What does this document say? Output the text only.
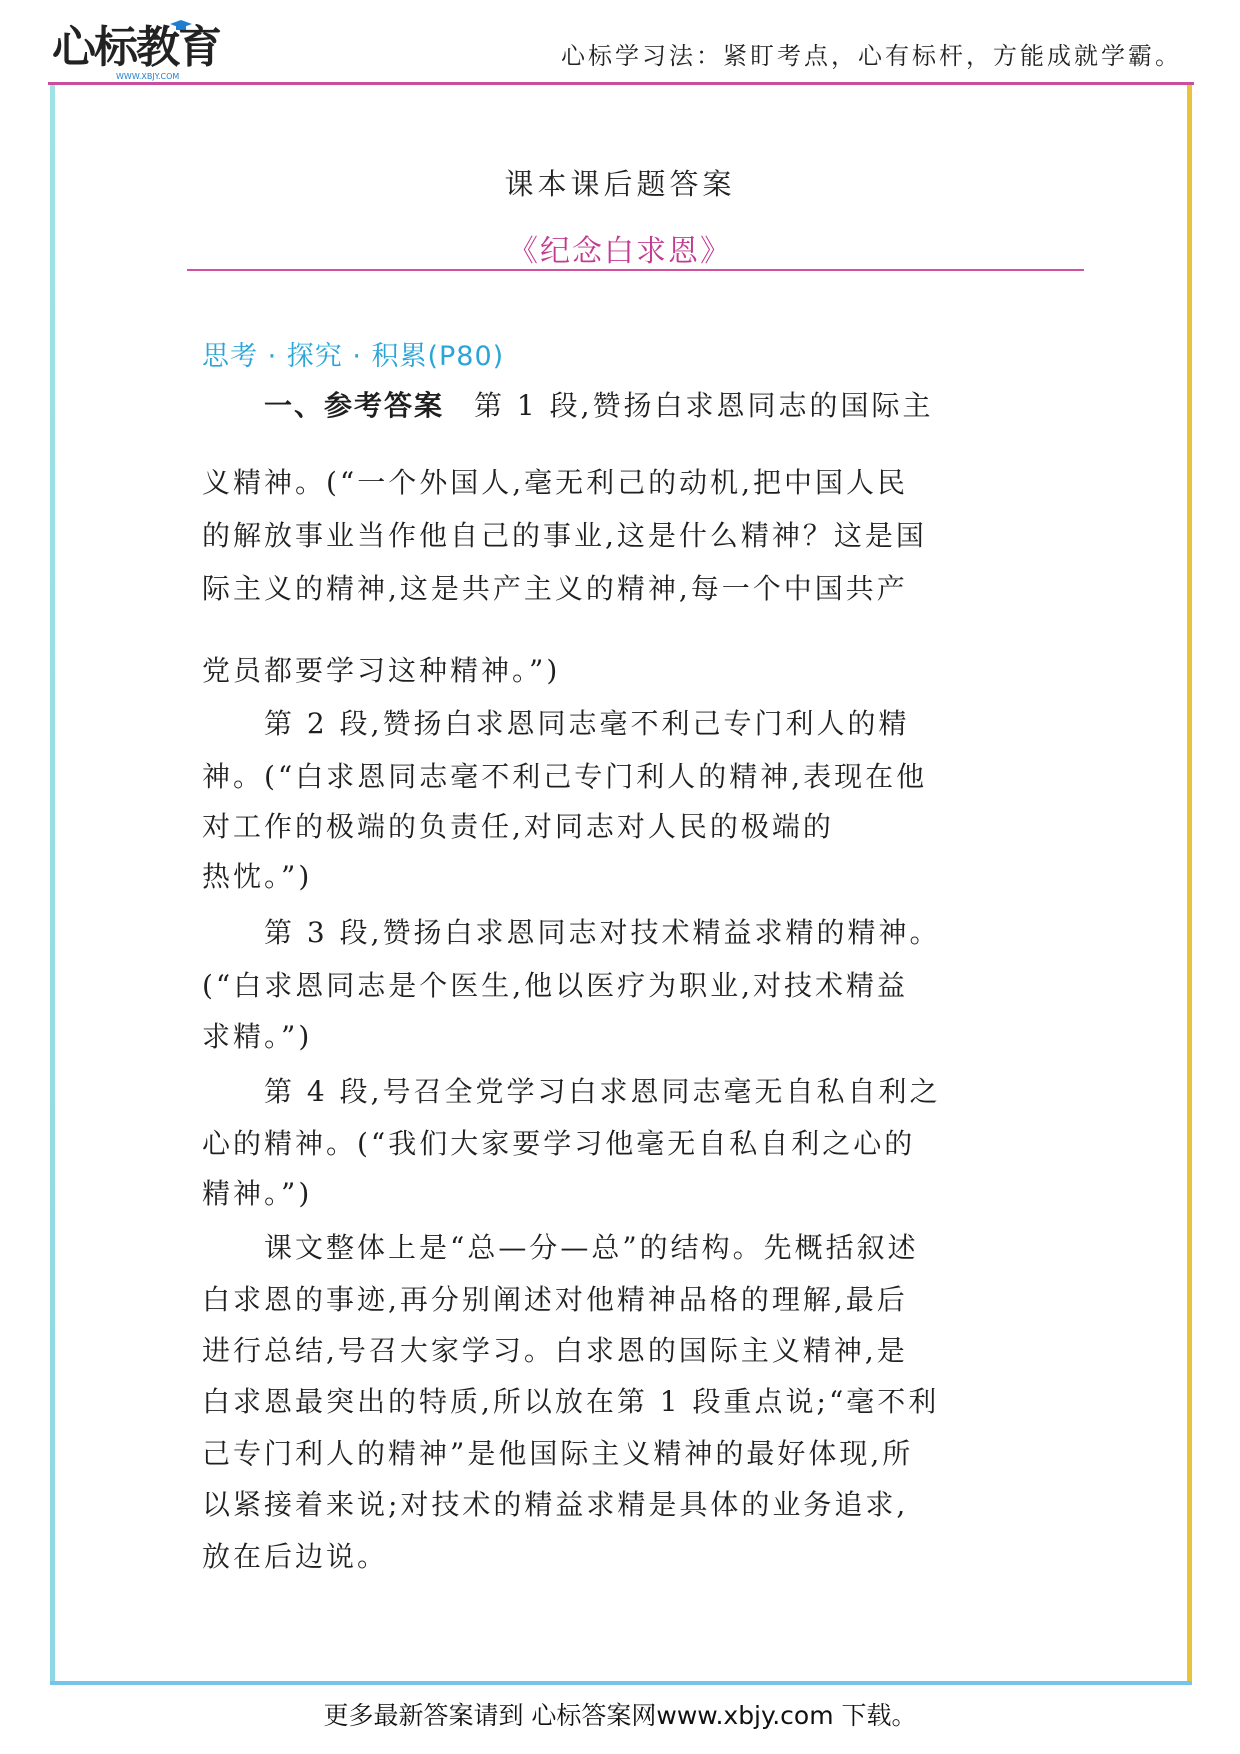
心标教育
WWW.XBJY.COM
心标学习法：紧盯考点，心有标杆，方能成就学霸。
课本课后题答案
《纪念白求恩》
思考 · 探究 · 积累(P80)
一、参考答案 第 1 段,赞扬白求恩同志的国际主
义精神。(“一个外国人,毫无利己的动机,把中国人民
的解放事业当作他自己的事业,这是什么精神？这是国
际主义的精神,这是共产主义的精神,每一个中国共产
党员都要学习这种精神。”)
第 2 段,赞扬白求恩同志毫不利己专门利人的精
神。(“白求恩同志毫不利己专门利人的精神,表现在他
对工作的极端的负责任,对同志对人民的极端的
热忱。”)
第 3 段,赞扬白求恩同志对技术精益求精的精神。
(“白求恩同志是个医生,他以医疗为职业,对技术精益
求精。”)
第 4 段,号召全党学习白求恩同志毫无自私自利之
心的精神。(“我们大家要学习他毫无自私自利之心的
精神。”)
课文整体上是“总—分—总”的结构。先概括叙述
白求恩的事迹,再分别阐述对他精神品格的理解,最后
进行总结,号召大家学习。白求恩的国际主义精神,是
白求恩最突出的特质,所以放在第 1 段重点说;“毫不利
己专门利人的精神”是他国际主义精神的最好体现,所
以紧接着来说;对技术的精益求精是具体的业务追求,
放在后边说。
更多最新答案请到 心标答案网www.xbjy.com 下载。
